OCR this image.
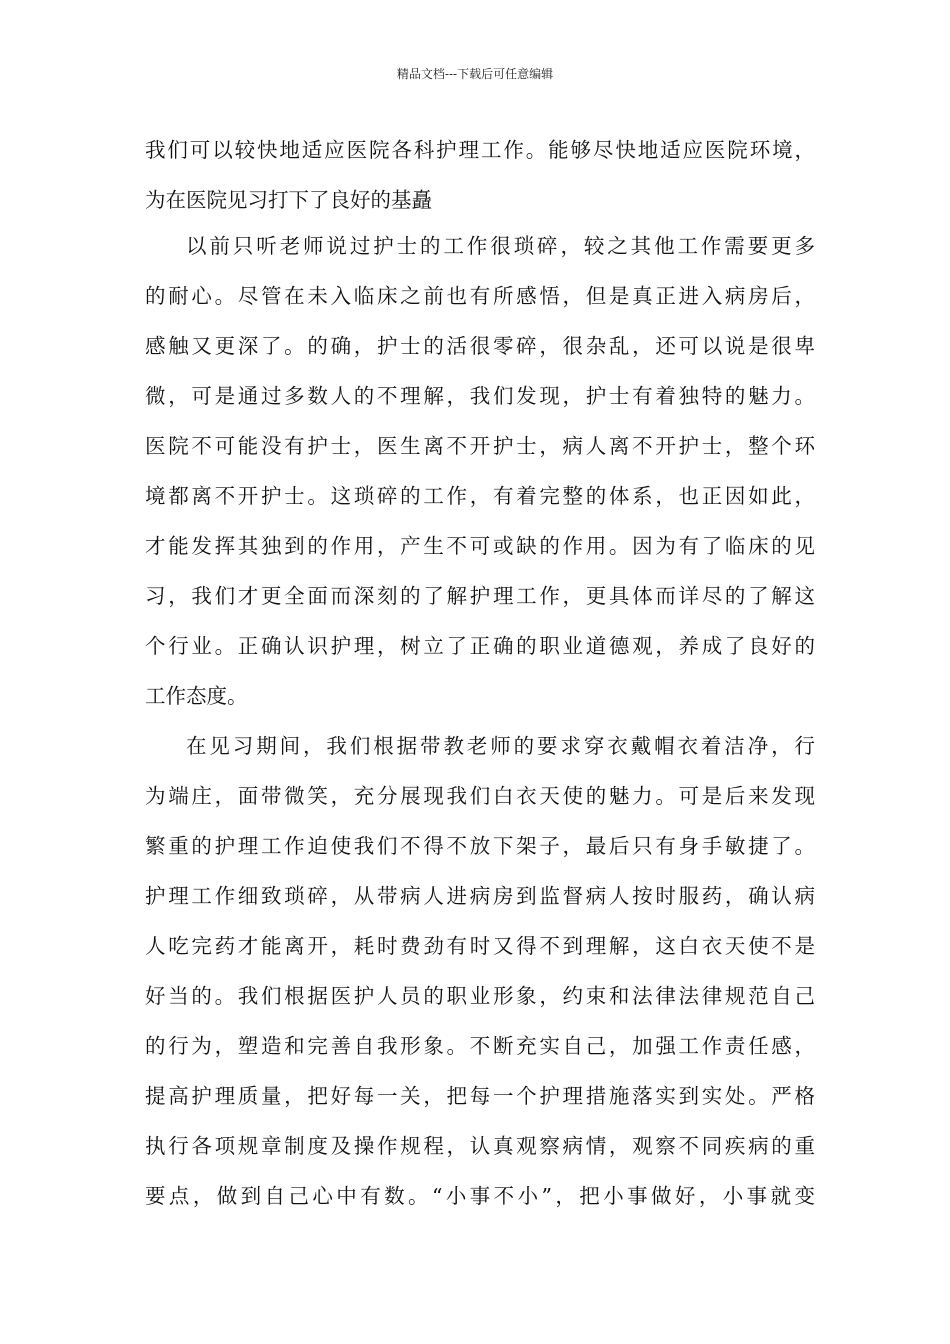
精品文档---下载后可任意编辑
我们可以较快地适应医院各科护理工作。能够尽快地适应医院环境，
为在医院见习打下了良好的基矗
以前只听老师说过护士的工作很琐碎，较之其他工作需要更多
的耐心。尽管在未入临床之前也有所感悟，但是真正进入病房后，
感触又更深了。的确，护士的活很零碎，很杂乱，还可以说是很卑
微，可是通过多数人的不理解，我们发现，护士有着独特的魅力。
医院不可能没有护士，医生离不开护士，病人离不开护士，整个环
境都离不开护士。这琐碎的工作，有着完整的体系，也正因如此，
才能发挥其独到的作用，产生不可或缺的作用。因为有了临床的见
习，我们才更全面而深刻的了解护理工作，更具体而详尽的了解这
个行业。正确认识护理，树立了正确的职业道德观，养成了良好的
工作态度。
在见习期间，我们根据带教老师的要求穿衣戴帽衣着洁净，行
为端庄，面带微笑，充分展现我们白衣天使的魅力。可是后来发现
繁重的护理工作迫使我们不得不放下架子，最后只有身手敏捷了。
护理工作细致琐碎，从带病人进病房到监督病人按时服药，确认病
人吃完药才能离开，耗时费劲有时又得不到理解，这白衣天使不是
好当的。我们根据医护人员的职业形象，约束和法律法律规范自己
的行为，塑造和完善自我形象。不断充实自己，加强工作责任感，
提高护理质量，把好每一关，把每一个护理措施落实到实处。严格
执行各项规章制度及操作规程，认真观察病情，观察不同疾病的重
要点，做到自己心中有数。“小事不小”，把小事做好，小事就变
